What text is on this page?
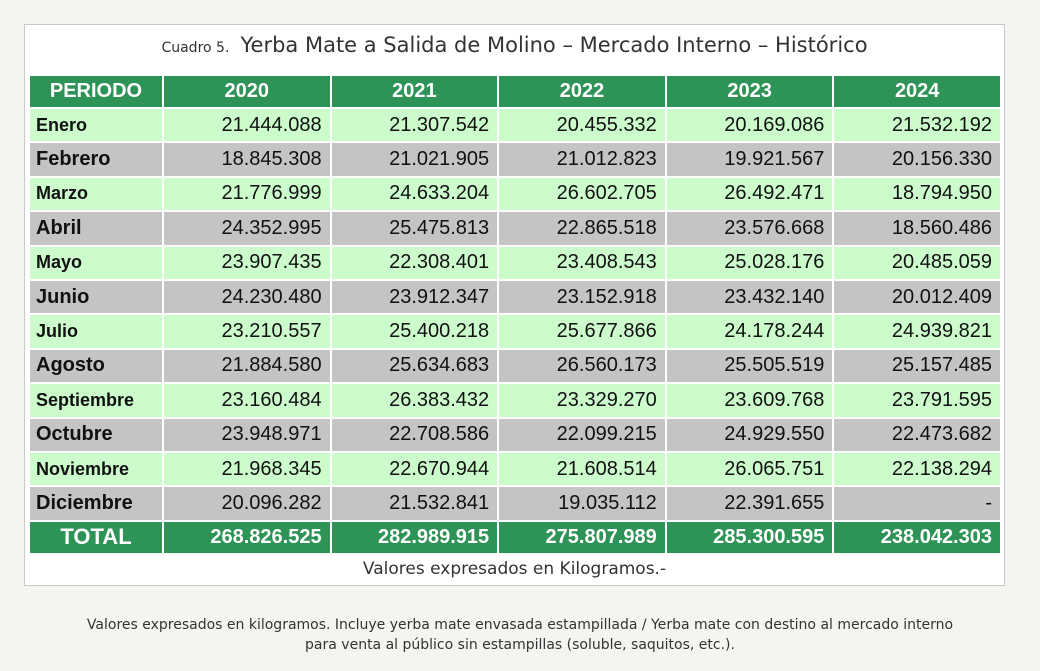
Cuadro 5. Yerba Mate a Salida de Molino – Mercado Interno – Histórico
PERIODO	2020	2021	2022	2023	2024
Enero	21.444.088	21.307.542	20.455.332	20.169.086	21.532.192
Febrero	18.845.308	21.021.905	21.012.823	19.921.567	20.156.330
Marzo	21.776.999	24.633.204	26.602.705	26.492.471	18.794.950
Abril	24.352.995	25.475.813	22.865.518	23.576.668	18.560.486
Mayo	23.907.435	22.308.401	23.408.543	25.028.176	20.485.059
Junio	24.230.480	23.912.347	23.152.918	23.432.140	20.012.409
Julio	23.210.557	25.400.218	25.677.866	24.178.244	24.939.821
Agosto	21.884.580	25.634.683	26.560.173	25.505.519	25.157.485
Septiembre	23.160.484	26.383.432	23.329.270	23.609.768	23.791.595
Octubre	23.948.971	22.708.586	22.099.215	24.929.550	22.473.682
Noviembre	21.968.345	22.670.944	21.608.514	26.065.751	22.138.294
Diciembre	20.096.282	21.532.841	19.035.112	22.391.655	-
TOTAL	268.826.525	282.989.915	275.807.989	285.300.595	238.042.303
Valores expresados en Kilogramos.-
Valores expresados en kilogramos. Incluye yerba mate envasada estampillada / Yerba mate con destino al mercado interno
para venta al público sin estampillas (soluble, saquitos, etc.).
